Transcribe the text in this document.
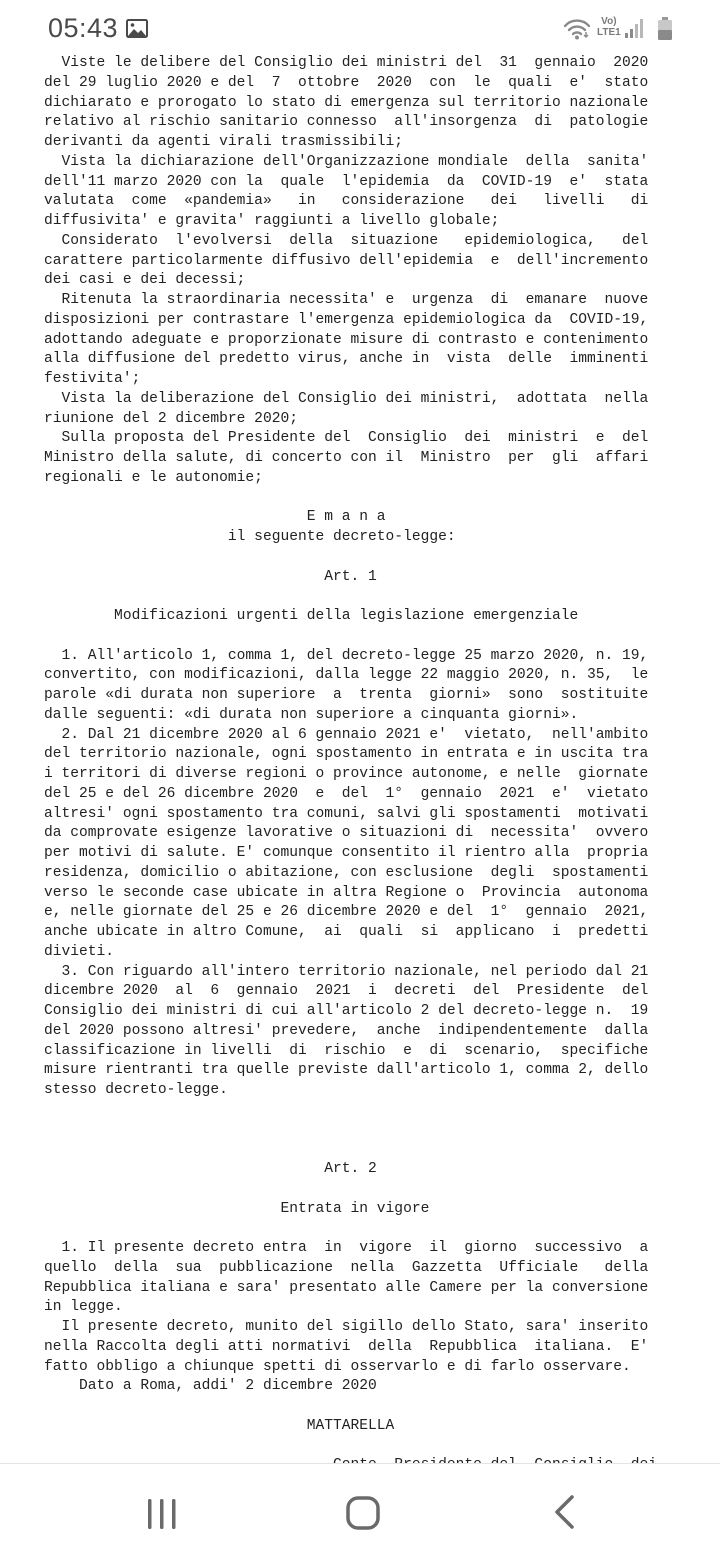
05:43	Vo)
LTE1
Viste le delibere del Consiglio dei ministri del  31  gennaio  2020
del 29 luglio 2020 e del  7  ottobre  2020  con  le  quali  e'  stato
dichiarato e prorogato lo stato di emergenza sul territorio nazionale
relativo al rischio sanitario connesso  all'insorgenza  di  patologie
derivanti da agenti virali trasmissibili;
Vista la dichiarazione dell'Organizzazione mondiale  della  sanita'
dell'11 marzo 2020 con la  quale  l'epidemia  da  COVID-19  e'  stata
valutata  come  «pandemia»   in   considerazione   dei   livelli   di
diffusivita' e gravita' raggiunti a livello globale;
Considerato  l'evolversi  della  situazione   epidemiologica,   del
carattere particolarmente diffusivo dell'epidemia  e  dell'incremento
dei casi e dei decessi;
Ritenuta la straordinaria necessita' e  urgenza  di  emanare  nuove
disposizioni per contrastare l'emergenza epidemiologica da  COVID-19,
adottando adeguate e proporzionate misure di contrasto e contenimento
alla diffusione del predetto virus, anche in  vista  delle  imminenti
festivita';
Vista la deliberazione del Consiglio dei ministri,  adottata  nella
riunione del 2 dicembre 2020;
Sulla proposta del Presidente del  Consiglio  dei  ministri  e  del
Ministro della salute, di concerto con il  Ministro  per  gli  affari
regionali e le autonomie;
E m a n a
il seguente decreto-legge:
Art. 1
Modificazioni urgenti della legislazione emergenziale
1. All'articolo 1, comma 1, del decreto-legge 25 marzo 2020, n. 19,
convertito, con modificazioni, dalla legge 22 maggio 2020, n. 35,  le
parole «di durata non superiore  a  trenta  giorni»  sono  sostituite
dalle seguenti: «di durata non superiore a cinquanta giorni».
2. Dal 21 dicembre 2020 al 6 gennaio 2021 e'  vietato,  nell'ambito
del territorio nazionale, ogni spostamento in entrata e in uscita tra
i territori di diverse regioni o province autonome, e nelle  giornate
del 25 e del 26 dicembre 2020  e  del  1°  gennaio  2021  e'  vietato
altresi' ogni spostamento tra comuni, salvi gli spostamenti  motivati
da comprovate esigenze lavorative o situazioni di  necessita'  ovvero
per motivi di salute. E' comunque consentito il rientro alla  propria
residenza, domicilio o abitazione, con esclusione  degli  spostamenti
verso le seconde case ubicate in altra Regione o  Provincia  autonoma
e, nelle giornate del 25 e 26 dicembre 2020 e del  1°  gennaio  2021,
anche ubicate in altro Comune,  ai  quali  si  applicano  i  predetti
divieti.
3. Con riguardo all'intero territorio nazionale, nel periodo dal 21
dicembre 2020  al  6  gennaio  2021  i  decreti  del  Presidente  del
Consiglio dei ministri di cui all'articolo 2 del decreto-legge n.  19
del 2020 possono altresi' prevedere,  anche  indipendentemente  dalla
classificazione in livelli  di  rischio  e  di  scenario,  specifiche
misure rientranti tra quelle previste dall'articolo 1, comma 2, dello
stesso decreto-legge.
Art. 2
Entrata in vigore
1. Il presente decreto entra  in  vigore  il  giorno  successivo  a
quello  della  sua  pubblicazione  nella  Gazzetta  Ufficiale   della
Repubblica italiana e sara' presentato alle Camere per la conversione
in legge.
Il presente decreto, munito del sigillo dello Stato, sara' inserito
nella Raccolta degli atti normativi  della  Repubblica  italiana.  E'
fatto obbligo a chiunque spetti di osservarlo e di farlo osservare.
Dato a Roma, addi' 2 dicembre 2020
MATTARELLA
